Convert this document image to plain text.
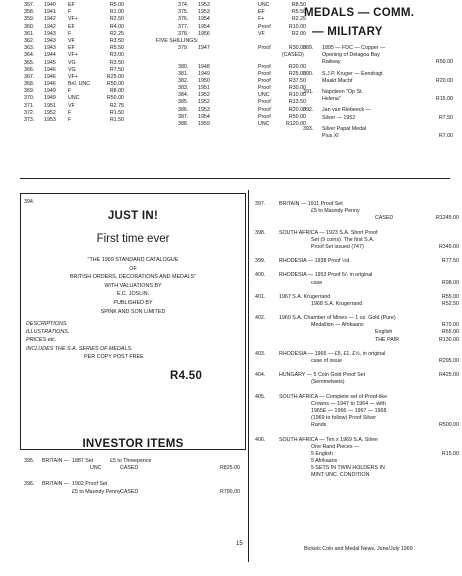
357. 1940 EF	R5.00
358. 1941 F	R1.00
359. 1942 VF+	R2.50
360. 1942 EF	R4.00
361. 1943 F	R2.25
362. 1943 VF	R3.50
363. 1943 EF	R5.50
364. 1944 VF+	R3.00
365. 1945 VG	R3.50
366. 1946 VG	R7.50
367. 1946 VF+	R25.00
368. 1946 Bril. UNC	R50.00
369. 1949 F	R8.00
370. 1949 UNC	R50.00
371. 1951 VF	R2.75
372. 1952 F	R1.50
373. 1953 F	R1.50
374. 1953	UNC	R8.50
375. 1953	EF	R5.50
376. 1954	F+	R2.25
377. 1954	Proof	R10.00
378. 1956	VF	R2.00
FIVE SHILLINGS:
379. 1947	Proof	R30.00
(CASED)
380. 1948	Proof	R20.00
381. 1949	Proof	R25.00
382. 1950	Proof	R37.50
383. 1951	Proof	R30.00
384. 1952	UNC	R10.00
385. 1952	Proof	R13.50
386. 1953	Proof	R20.00
387. 1954	Proof	R50.00
388. 1959	UNC	R120.00
MEDALS — COMM.
— MILITARY
389. 1895 — FDC — Copper —
Opening of Delagoa Bay
Railway	R50.00
390. S.J.P. Kruger — Eendragt
Maakt Macht	R20.00
391. Napoleon "Op St.
Helena"	R15.00
392. Jan van Riebeeck —
Silver — 1952	R7.50
393. Silver Papal Medal
Pius XI	R7.00
394.
JUST IN!
First time ever
"THE 1969 STANDARD CATALOGUE
OF
BRITISH ORDERS, DECORATIONS AND MEDALS"
WITH VALUATIONS BY
E.C. JOSLIN.
PUBLISHED BY
SPINK AND SON LIMITED
DESCRIPTIONS.
ILLUSTRATIONS.
PRICES etc.
INCLUDES THE S.A. SERIES OF MEDALS.
PER COPY POST FREE
R4.50
INVESTOR ITEMS
395. BRITAIN — 1887 Set	£5 to Threepence
UNC	CASED	R825.00
396. BRITAIN — 1902 Proof Set
£5 to Maundy Penny CASED	R790.00
397.	BRITAIN — 1911 Proof Set
£5 to Maundy Penny
CASED	R1245.00
398.	SOUTH AFRICA — 1923 S.A. Short Proof
Set (9 coins). The first S.A.
Proof Set issued (747)	R345.00
399.	RHODESIA — 1938 Proof ½d	R77.50
400.	RHODESIA — 1953 Proof 5/- in original
case	R98.00
401.	1967 S.A. Krugerrand	R55.00
1968 S.A. Krugerrand	R52.50
402.	1960 S.A. Chamber of Mines — 1 oz. Gold (Pure)
Medallion — Afrikaans	R70.00
English	R65.00
THE PAIR	R130.00
403.	RHODESIA — 1966 — £5, £1, £½, in original
case of issue	R295.00
404.	HUNGARY — 5 Coin Gold Proof Set	R425.00
(Semmelweis)
405.	SOUTH AFRICA — Complete set of Proof-like
Crowns — 1947 to 1964 — with
1965E — 1966 — 1967 — 1968
(1969 to follow) Proof Silver
Rands	R500.00
406.	SOUTH AFRICA — Ten x 1969 S.A. Silver
One Rand Pieces —
5 English	R15.00
5 Afrikaans
5 SETS IN TWIN HOLDERS IN
MINT UNC. CONDITION
15
Bickels Coin and Medal News, June/July 1969
